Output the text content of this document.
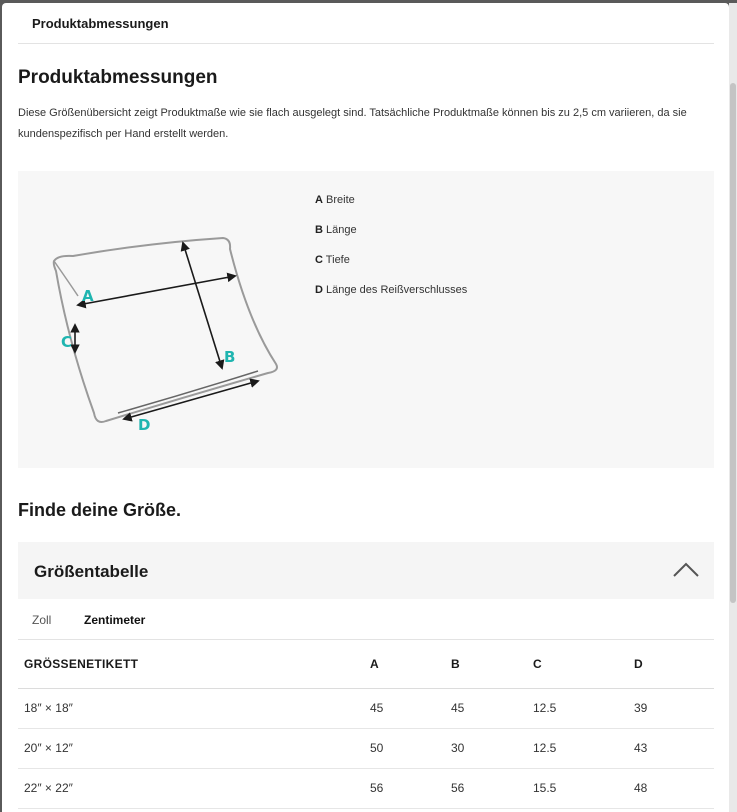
Produktabmessungen
Produktabmessungen

Diese Größenübersicht zeigt Produktmaße wie sie flach ausgelegt sind. Tatsächliche Produktmaße können bis zu 2,5 cm variieren, da sie kundenspezifisch per Hand erstellt werden.

A
B
C
D
A Breite
B Länge
C Tiefe
D Länge des Reißverschlusses
Finde deine Größe.
Größentabelle
Zoll	Zentimeter
GRÖSSENETIKETT	A	B	C	D
18″ × 18″	45	45	12.5	39
20″ × 12″	50	30	12.5	43
22″ × 22″	56	56	15.5	48
